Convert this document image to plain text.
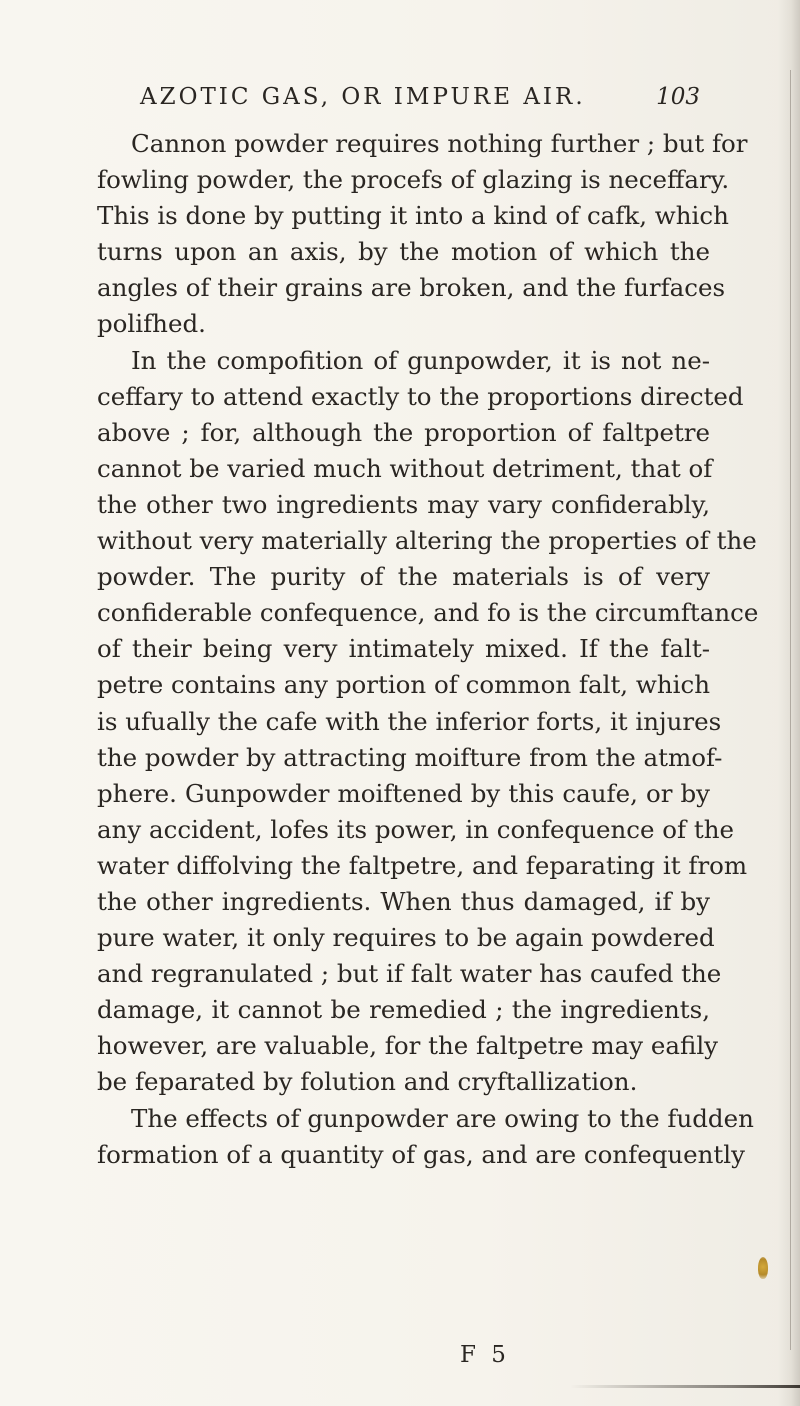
AZOTIC GAS, OR IMPURE AIR.	103
Cannon powder requires nothing further ; but for
fowling powder, the procefs of glazing is neceffary.
This is done by putting it into a kind of cafk, which
turns upon an axis, by the motion of which the
angles of their grains are broken, and the furfaces
polifhed.
In the compofition of gunpowder, it is not ne-
ceffary to attend exactly to the proportions directed
above ; for, although the proportion of faltpetre
cannot be varied much without detriment, that of
the other two ingredients may vary confiderably,
without very materially altering the properties of the
powder. The purity of the materials is of very
confiderable confequence, and fo is the circumftance
of their being very intimately mixed. If the falt-
petre contains any portion of common falt, which
is ufually the cafe with the inferior forts, it injures
the powder by attracting moifture from the atmof-
phere. Gunpowder moiftened by this caufe, or by
any accident, lofes its power, in confequence of the
water diffolving the faltpetre, and feparating it from
the other ingredients. When thus damaged, if by
pure water, it only requires to be again powdered
and regranulated ; but if falt water has caufed the
damage, it cannot be remedied ; the ingredients,
however, are valuable, for the faltpetre may eafily
be feparated by folution and cryftallization.
The effects of gunpowder are owing to the fudden
formation of a quantity of gas, and are confequently
F 5
